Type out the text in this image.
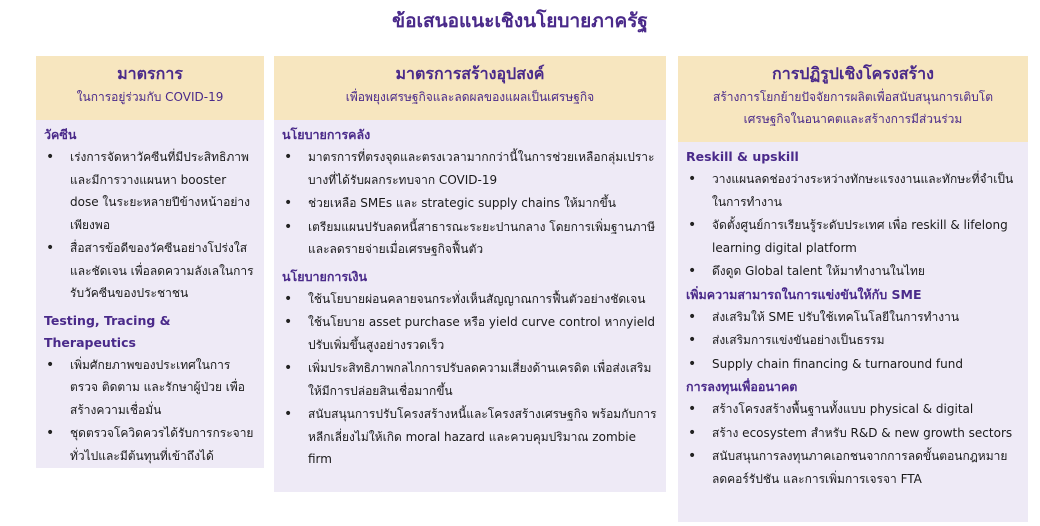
ข้อเสนอแนะเชิงนโยบายภาครัฐ
มาตรการ
ในการอยู่ร่วมกับ COVID-19
วัคซีน
• เร่งการจัดหาวัคซีนที่มีประสิทธิภาพและมีการวางแผนหา booster dose ในระยะหลายปีข้างหน้าอย่างเพียงพอ
• สื่อสารข้อดีของวัคซีนอย่างโปร่งใสและชัดเจน เพื่อลดความลังเลในการรับวัคซีนของประชาชน
Testing, Tracing & Therapeutics
• เพิ่มศักยภาพของประเทศในการตรวจ ติดตาม และรักษาผู้ป่วย เพื่อสร้างความเชื่อมั่น
• ชุดตรวจโควิดควรได้รับการกระจายทั่วไปและมีต้นทุนที่เข้าถึงได้
มาตรการสร้างอุปสงค์
เพื่อพยุงเศรษฐกิจและลดผลของแผลเป็นเศรษฐกิจ
นโยบายการคลัง
• มาตรการที่ตรงจุดและตรงเวลามากกว่านี้ในการช่วยเหลือกลุ่มเปราะบางที่ได้รับผลกระทบจาก COVID-19
• ช่วยเหลือ SMEs และ strategic supply chains ให้มากขึ้น
• เตรียมแผนปรับลดหนี้สาธารณะระยะปานกลาง โดยการเพิ่มฐานภาษี และลดรายจ่ายเมื่อเศรษฐกิจฟื้นตัว
นโยบายการเงิน
• ใช้นโยบายผ่อนคลายจนกระทั่งเห็นสัญญาณการฟื้นตัวอย่างชัดเจน
• ใช้นโยบาย asset purchase หรือ yield curve control หากyield ปรับเพิ่มขึ้นสูงอย่างรวดเร็ว
• เพิ่มประสิทธิภาพกลไกการปรับลดความเสี่ยงด้านเครดิต เพื่อส่งเสริมให้มีการปล่อยสินเชื่อมากขึ้น
• สนับสนุนการปรับโครงสร้างหนี้และโครงสร้างเศรษฐกิจ พร้อมกับการหลีกเลี่ยงไม่ให้เกิด moral hazard และควบคุมปริมาณ zombie firm
การปฏิรูปเชิงโครงสร้าง
สร้างการโยกย้ายปัจจัยการผลิตเพื่อสนับสนุนการเติบโตเศรษฐกิจในอนาคตและสร้างการมีส่วนร่วม
Reskill & upskill
• วางแผนลดช่องว่างระหว่างทักษะแรงงานและทักษะที่จำเป็นในการทำงาน
• จัดตั้งศูนย์การเรียนรู้ระดับประเทศ เพื่อ reskill & lifelong learning digital platform
• ดึงดูด Global talent ให้มาทำงานในไทย
เพิ่มความสามารถในการแข่งขันให้กับ SME
• ส่งเสริมให้ SME ปรับใช้เทคโนโลยีในการทำงาน
• ส่งเสริมการแข่งขันอย่างเป็นธรรม
• Supply chain financing & turnaround fund
การลงทุนเพื่ออนาคต
• สร้างโครงสร้างพื้นฐานทั้งแบบ physical & digital
• สร้าง ecosystem สำหรับ R&D & new growth sectors
• สนับสนุนการลงทุนภาคเอกชนจากการลดขั้นตอนกฎหมาย ลดคอร์รัปชัน และการเพิ่มการเจรจา FTA
